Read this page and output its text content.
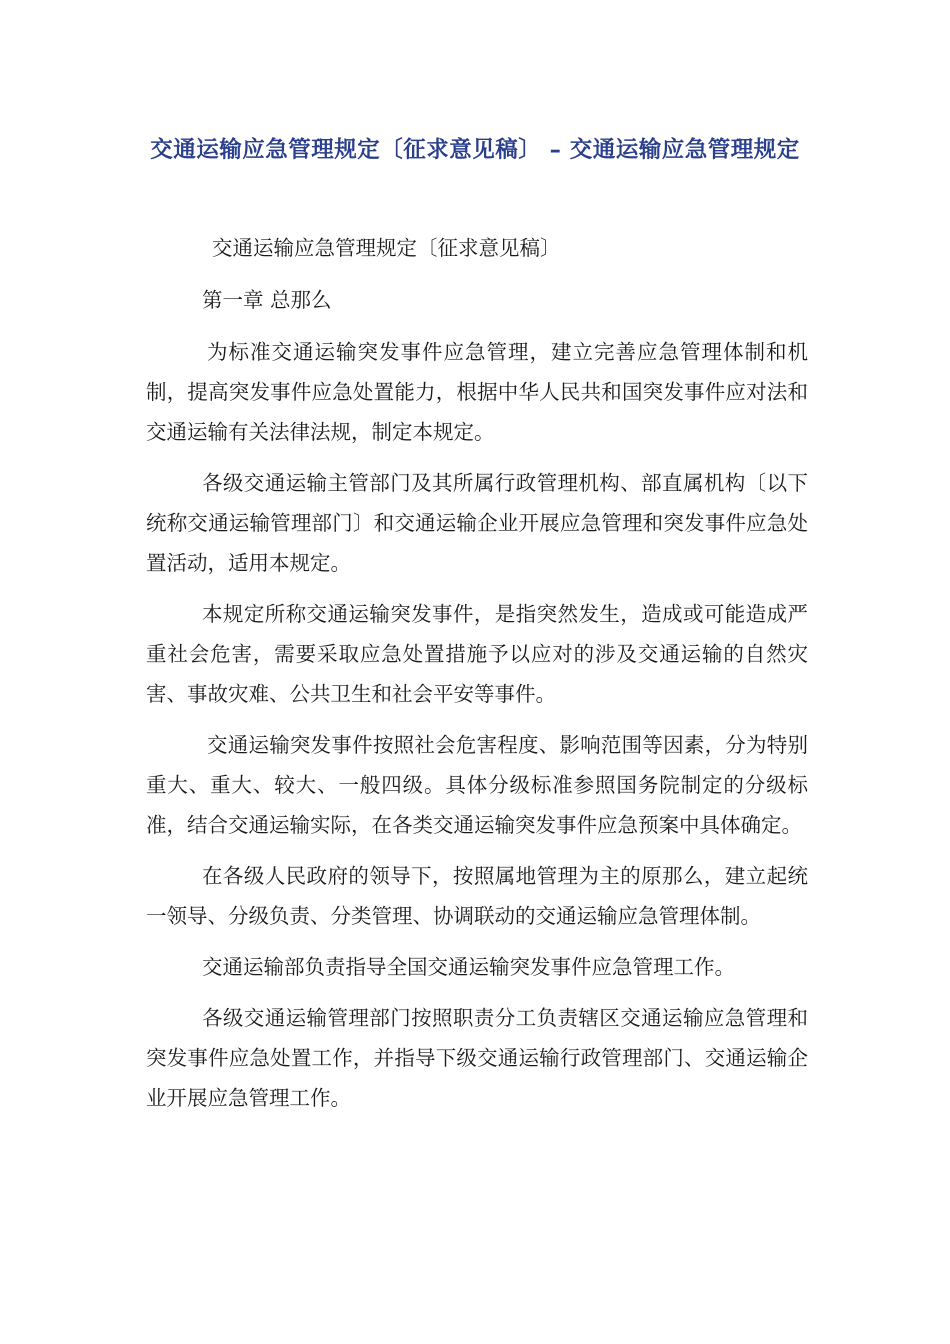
交通运输应急管理规定〔征求意见稿〕 – 交通运输应急管理规定

交通运输应急管理规定〔征求意见稿〕

第一章 总那么

为标准交通运输突发事件应急管理，建立完善应急管理体制和机制，提高突发事件应急处置能力，根据中华人民共和国突发事件应对法和交通运输有关法律法规，制定本规定。

各级交通运输主管部门及其所属行政管理机构、部直属机构〔以下统称交通运输管理部门〕和交通运输企业开展应急管理和突发事件应急处置活动，适用本规定。

本规定所称交通运输突发事件，是指突然发生，造成或可能造成严重社会危害，需要采取应急处置措施予以应对的涉及交通运输的自然灾害、事故灾难、公共卫生和社会平安等事件。

交通运输突发事件按照社会危害程度、影响范围等因素，分为特别重大、重大、较大、一般四级。具体分级标准参照国务院制定的分级标准，结合交通运输实际，在各类交通运输突发事件应急预案中具体确定。

在各级人民政府的领导下，按照属地管理为主的原那么，建立起统一领导、分级负责、分类管理、协调联动的交通运输应急管理体制。

交通运输部负责指导全国交通运输突发事件应急管理工作。

各级交通运输管理部门按照职责分工负责辖区交通运输应急管理和突发事件应急处置工作，并指导下级交通运输行政管理部门、交通运输企业开展应急管理工作。
